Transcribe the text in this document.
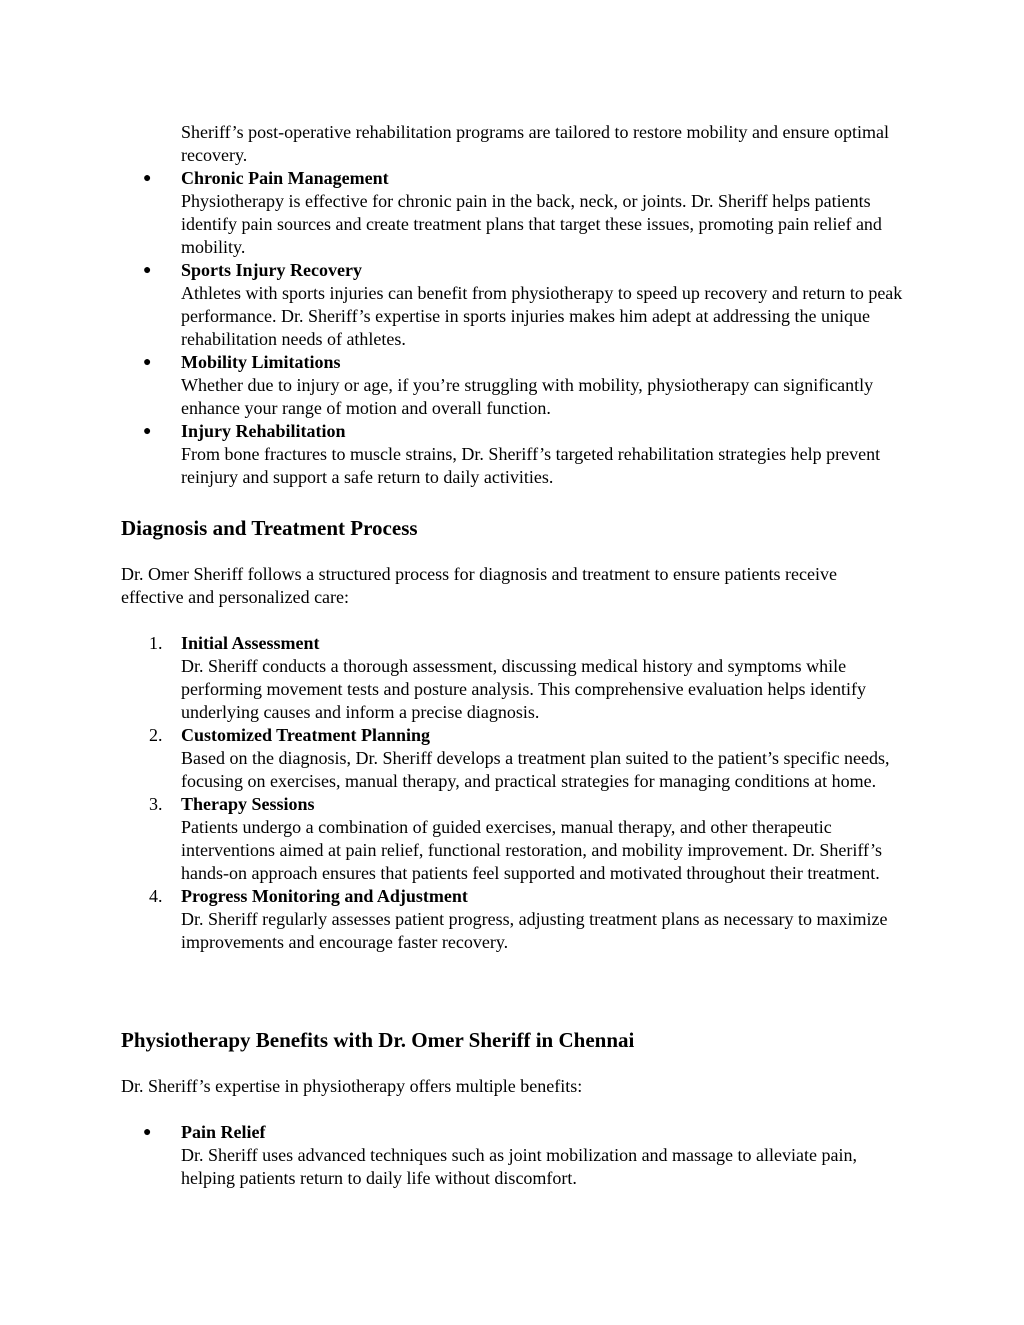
Sheriff’s post-operative rehabilitation programs are tailored to restore mobility and ensure optimal recovery.
● Chronic Pain Management
Physiotherapy is effective for chronic pain in the back, neck, or joints. Dr. Sheriff helps patients identify pain sources and create treatment plans that target these issues, promoting pain relief and mobility.
● Sports Injury Recovery
Athletes with sports injuries can benefit from physiotherapy to speed up recovery and return to peak performance. Dr. Sheriff’s expertise in sports injuries makes him adept at addressing the unique rehabilitation needs of athletes.
● Mobility Limitations
Whether due to injury or age, if you’re struggling with mobility, physiotherapy can significantly enhance your range of motion and overall function.
● Injury Rehabilitation
From bone fractures to muscle strains, Dr. Sheriff’s targeted rehabilitation strategies help prevent reinjury and support a safe return to daily activities.
Diagnosis and Treatment Process

Dr. Omer Sheriff follows a structured process for diagnosis and treatment to ensure patients receive effective and personalized care:

1. Initial Assessment
Dr. Sheriff conducts a thorough assessment, discussing medical history and symptoms while performing movement tests and posture analysis. This comprehensive evaluation helps identify underlying causes and inform a precise diagnosis.
2. Customized Treatment Planning
Based on the diagnosis, Dr. Sheriff develops a treatment plan suited to the patient’s specific needs, focusing on exercises, manual therapy, and practical strategies for managing conditions at home.
3. Therapy Sessions
Patients undergo a combination of guided exercises, manual therapy, and other therapeutic interventions aimed at pain relief, functional restoration, and mobility improvement. Dr. Sheriff’s hands-on approach ensures that patients feel supported and motivated throughout their treatment.
4. Progress Monitoring and Adjustment
Dr. Sheriff regularly assesses patient progress, adjusting treatment plans as necessary to maximize improvements and encourage faster recovery.
Physiotherapy Benefits with Dr. Omer Sheriff in Chennai

Dr. Sheriff’s expertise in physiotherapy offers multiple benefits:

● Pain Relief
Dr. Sheriff uses advanced techniques such as joint mobilization and massage to alleviate pain, helping patients return to daily life without discomfort.
